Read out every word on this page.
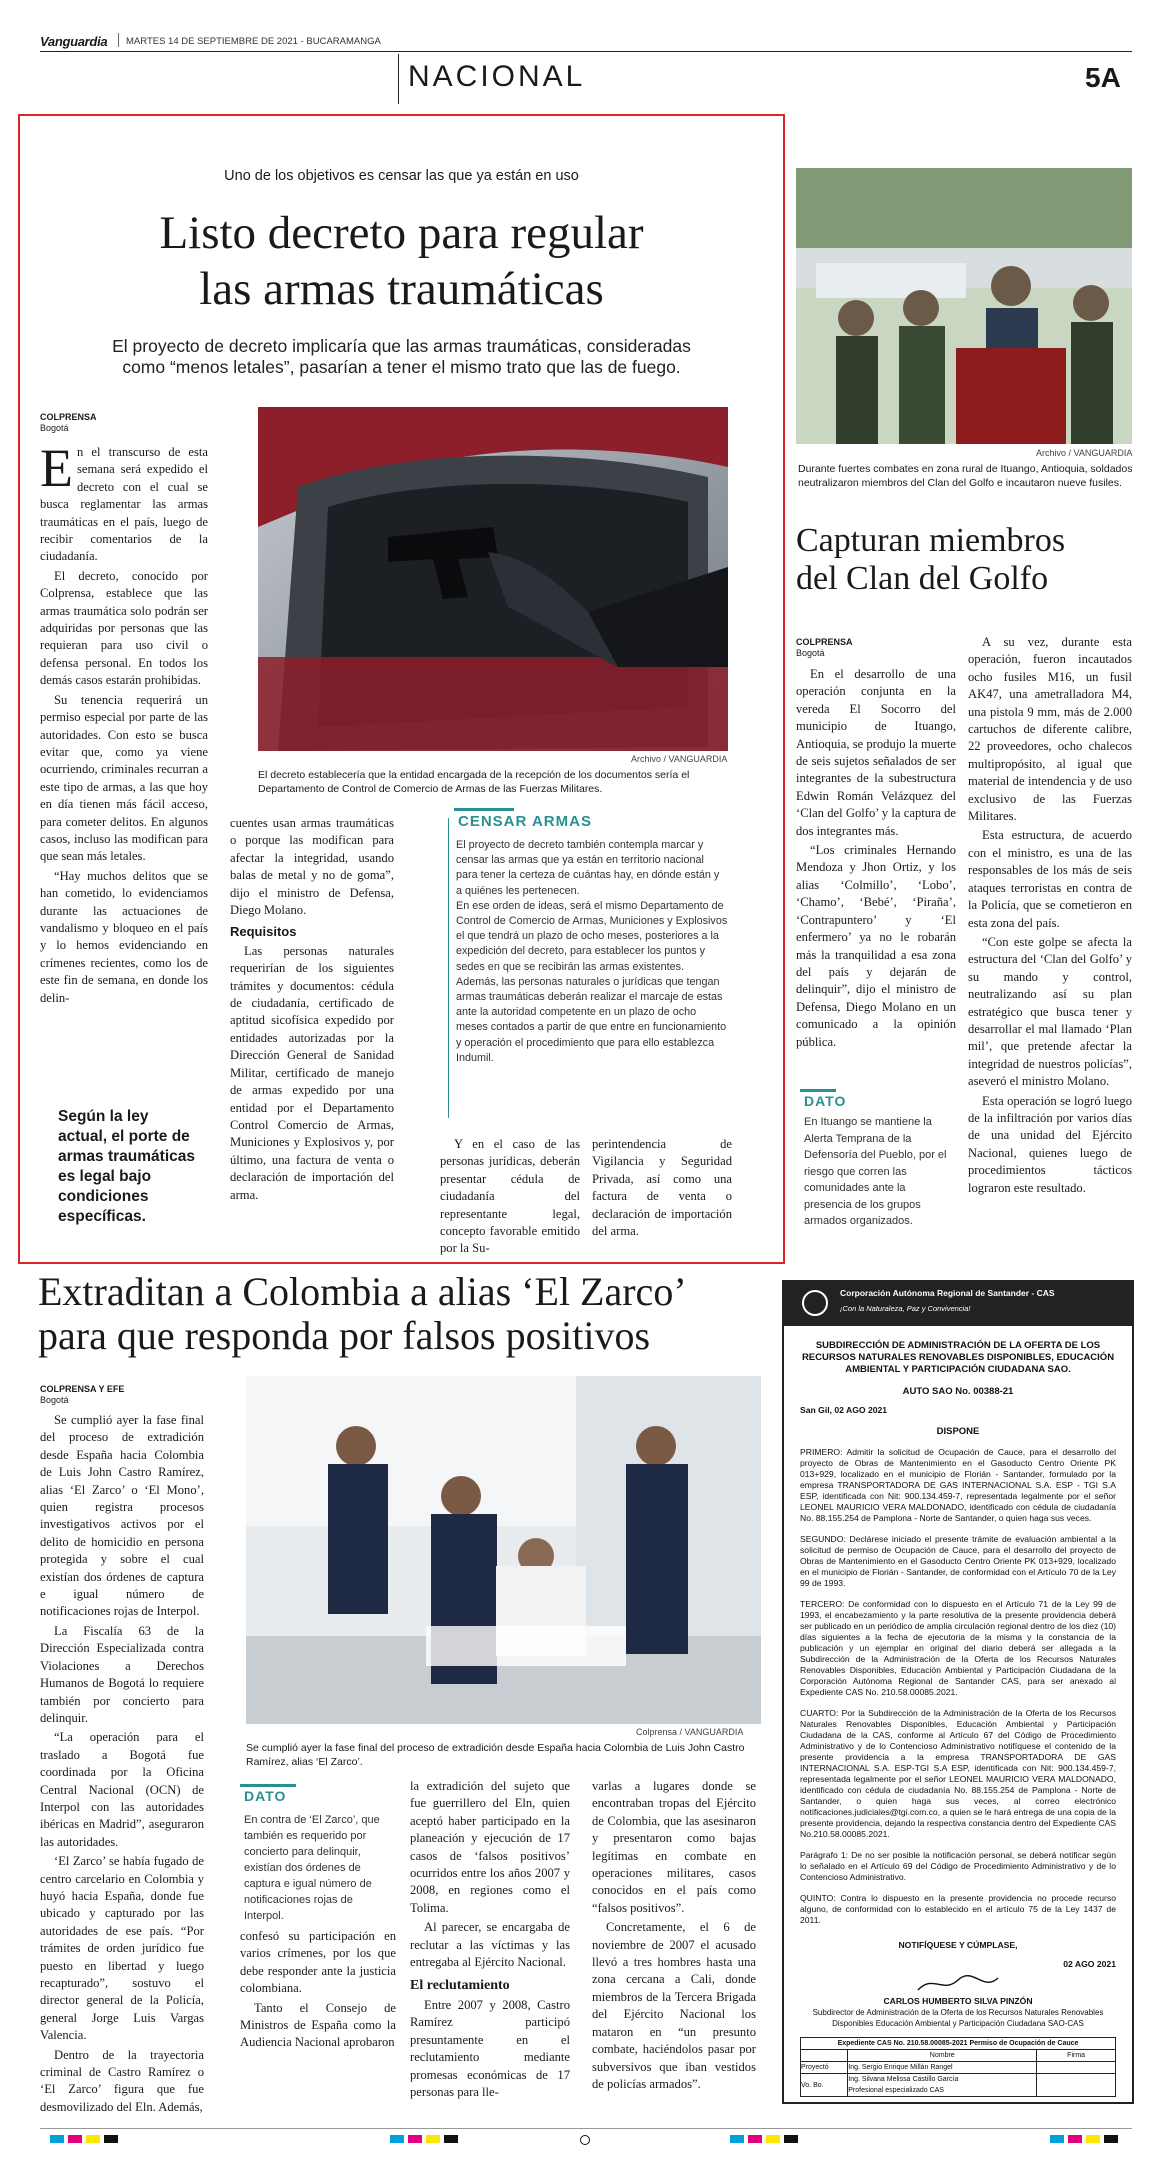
Vanguardia MARTES 14 DE SEPTIEMBRE DE 2021 - BUCARAMANGA
NACIONAL	5A
Uno de los objetivos es censar las que ya están en uso
Listo decreto para regular
las armas traumáticas
El proyecto de decreto implicaría que las armas traumáticas, consideradas
como “menos letales”, pasarían a tener el mismo trato que las de fuego.
COLPRENSA
Bogotá

En el transcurso de esta semana será expedido el decreto con el cual se busca reglamentar las armas traumáticas en el país, luego de recibir comentarios de la ciudadanía.

El decreto, conocido por Colprensa, establece que las armas traumática solo podrán ser adquiridas por personas que las requieran para uso civil o defensa personal. En todos los demás casos estarán prohibidas.

Su tenencia requerirá un permiso especial por parte de las autoridades. Con esto se busca evitar que, como ya viene ocurriendo, criminales recurran a este tipo de armas, a las que hoy en día tienen más fácil acceso, para cometer delitos. En algunos casos, incluso las modifican para que sean más letales.

“Hay muchos delitos que se han cometido, lo evidenciamos durante las actuaciones de vandalismo y bloqueo en el país y lo hemos evidenciando en crímenes recientes, como los de este fin de semana, en donde los delin-

Según la ley actual, el porte de armas traumáticas es legal bajo condiciones específicas.
Archivo / VANGUARDIA
El decreto establecería que la entidad encargada de la recepción de los documentos sería el Departamento de Control de Comercio de Armas de las Fuerzas Militares.

cuentes usan armas traumáticas o porque las modifican para afectar la integridad, usando balas de metal y no de goma”, dijo el ministro de Defensa, Diego Molano.

Requisitos

Las personas naturales requerirían de los siguientes trámites y documentos: cédula de ciudadanía, certificado de aptitud sicofísica expedido por entidades autorizadas por la Dirección General de Sanidad Militar, certificado de manejo de armas expedido por una entidad por el Departamento Control Comercio de Armas, Municiones y Explosivos y, por último, una factura de venta o declaración de importación del arma.

CENSAR ARMAS

El proyecto de decreto también contempla marcar y censar las armas que ya están en territorio nacional para tener la certeza de cuántas hay, en dónde están y a quiénes les pertenecen.

En ese orden de ideas, será el mismo Departamento de Control de Comercio de Armas, Municiones y Explosivos el que tendrá un plazo de ocho meses, posteriores a la expedición del decreto, para establecer los puntos y sedes en que se recibirán las armas existentes.

Además, las personas naturales o jurídicas que tengan armas traumáticas deberán realizar el marcaje de estas ante la autoridad competente en un plazo de ocho meses contados a partir de que entre en funcionamiento y operación el procedimiento que para ello establezca Indumil.

Y en el caso de las personas jurídicas, deberán presentar cédula de ciudadanía del representante legal, concepto favorable emitido por la Su-

perintendencia de Vigilancia y Seguridad Privada, así como una factura de venta o declaración de importación del arma.

Archivo / VANGUARDIA
Durante fuertes combates en zona rural de Ituango, Antioquia, soldados neutralizaron miembros del Clan del Golfo e incautaron nueve fusiles.
Capturan miembros
del Clan del Golfo
COLPRENSA
Bogotá

En el desarrollo de una operación conjunta en la vereda El Socorro del municipio de Ituango, Antioquia, se produjo la muerte de seis sujetos señalados de ser integrantes de la subestructura Edwin Román Velázquez del ‘Clan del Golfo’ y la captura de dos integrantes más.

“Los criminales Hernando Mendoza y Jhon Ortiz, y los alias ‘Colmillo’, ‘Lobo’, ‘Chamo’, ‘Bebé’, ‘Piraña’, ‘Contrapuntero’ y ‘El enfermero’ ya no le robarán más la tranquilidad a esa zona del país y dejarán de delinquir”, dijo el ministro de Defensa, Diego Molano en un comunicado a la opinión pública.

DATO
En Ituango se mantiene la Alerta Temprana de la Defensoría del Pueblo, por el riesgo que corren las comunidades ante la presencia de los grupos armados organizados.

A su vez, durante esta operación, fueron incautados ocho fusiles M16, un fusil AK47, una ametralladora M4, una pistola 9 mm, más de 2.000 cartuchos de diferente calibre, 22 proveedores, ocho chalecos multipropósito, al igual que material de intendencia y de uso exclusivo de las Fuerzas Militares.

Esta estructura, de acuerdo con el ministro, es una de las responsables de los más de seis ataques terroristas en contra de la Policía, que se cometieron en esta zona del país.

“Con este golpe se afecta la estructura del ‘Clan del Golfo’ y su mando y control, neutralizando así su plan estratégico que busca tener y desarrollar el mal llamado ‘Plan mil’, que pretende afectar la integridad de nuestros policías”, aseveró el ministro Molano.

Esta operación se logró luego de la infiltración por varios días de una unidad del Ejército Nacional, quienes luego de procedimientos tácticos lograron este resultado.

Extraditan a Colombia a alias ‘El Zarco’
para que responda por falsos positivos
COLPRENSA Y EFE
Bogotá

Se cumplió ayer la fase final del proceso de extradición desde España hacia Colombia de Luis John Castro Ramírez, alias ‘El Zarco’ o ‘El Mono’, quien registra procesos investigativos activos por el delito de homicidio en persona protegida y sobre el cual existían dos órdenes de captura e igual número de notificaciones rojas de Interpol.

La Fiscalía 63 de la Dirección Especializada contra Violaciones a Derechos Humanos de Bogotá lo requiere también por concierto para delinquir.

“La operación para el traslado a Bogotá fue coordinada por la Oficina Central Nacional (OCN) de Interpol con las autoridades ibéricas en Madrid”, aseguraron las autoridades.

‘El Zarco’ se había fugado de centro carcelario en Colombia y huyó hacia España, donde fue ubicado y capturado por las autoridades de ese país. “Por trámites de orden jurídico fue puesto en libertad y luego recapturado”, sostuvo el director general de la Policía, general Jorge Luis Vargas Valencia.

Dentro de la trayectoria criminal de Castro Ramírez o ‘El Zarco’ figura que fue desmovilizado del Eln. Además,

Colprensa / VANGUARDIA
Se cumplió ayer la fase final del proceso de extradición desde España hacia Colombia de Luis John Castro Ramírez, alias ‘El Zarco’.
DATO
En contra de ‘El Zarco’, que también es requerido por concierto para delinquir, existían dos órdenes de captura e igual número de notificaciones rojas de Interpol.

confesó su participación en varios crímenes, por los que debe responder ante la justicia colombiana.

Tanto el Consejo de Ministros de España como la Audiencia Nacional aprobaron

la extradición del sujeto que fue guerrillero del Eln, quien aceptó haber participado en la planeación y ejecución de 17 casos de ‘falsos positivos’ ocurridos entre los años 2007 y 2008, en regiones como el Tolima.

Al parecer, se encargaba de reclutar a las víctimas y las entregaba al Ejército Nacional.

El reclutamiento

Entre 2007 y 2008, Castro Ramírez participó presuntamente en el reclutamiento mediante promesas económicas de 17 personas para lle-

varlas a lugares donde se encontraban tropas del Ejército de Colombia, que las asesinaron y presentaron como bajas legítimas en combate en operaciones militares, casos conocidos en el país como “falsos positivos”.

Concretamente, el 6 de noviembre de 2007 el acusado llevó a tres hombres hasta una zona cercana a Cali, donde miembros de la Tercera Brigada del Ejército Nacional los mataron en “un presunto combate, haciéndolos pasar por subversivos que iban vestidos de policías armados”.

Corporación Autónoma Regional de Santander - CAS
¡Con la Naturaleza, Paz y Convivencia!
SUBDIRECCIÓN DE ADMINISTRACIÓN DE LA OFERTA DE LOS RECURSOS NATURALES RENOVABLES DISPONIBLES, EDUCACIÓN AMBIENTAL Y PARTICIPACIÓN CIUDADANA SAO.
AUTO SAO No. 00388-21
San Gil, 02 AGO 2021
DISPONE

PRIMERO: Admitir la solicitud de Ocupación de Cauce, para el desarrollo del proyecto de Obras de Mantenimiento en el Gasoducto Centro Oriente PK 013+929, localizado en el municipio de Florián - Santander, formulado por la empresa TRANSPORTADORA DE GAS INTERNACIONAL S.A. ESP - TGI S.A ESP, identificada con Nit: 900.134.459-7, representada legalmente por el señor LEONEL MAURICIO VERA MALDONADO, identificado con cédula de ciudadanía No. 88.155.254 de Pamplona - Norte de Santander, o quien haga sus veces.

SEGUNDO: Declárese iniciado el presente trámite de evaluación ambiental a la solicitud de permiso de Ocupación de Cauce, para el desarrollo del proyecto de Obras de Mantenimiento en el Gasoducto Centro Oriente PK 013+929, localizado en el municipio de Florián - Santander, de conformidad con el Artículo 70 de la Ley 99 de 1993.

TERCERO: De conformidad con lo dispuesto en el Artículo 71 de la Ley 99 de 1993, el encabezamiento y la parte resolutiva de la presente providencia deberá ser publicado en un periódico de amplia circulación regional dentro de los diez (10) días siguientes a la fecha de ejecutoria de la misma y la constancia de la publicación y un ejemplar en original del diario deberá ser allegada a la Subdirección de la Administración de la Oferta de los Recursos Naturales Renovables Disponibles, Educación Ambiental y Participación Ciudadana de la Corporación Autónoma Regional de Santander CAS, para ser anexado al Expediente CAS No. 210.58.00085.2021.

CUARTO: Por la Subdirección de la Administración de la Oferta de los Recursos Naturales Renovables Disponibles, Educación Ambiental y Participación Ciudadana de la CAS, conforme al Artículo 67 del Código de Procedimiento Administrativo y de lo Contencioso Administrativo notifíquese el contenido de la presente providencia a la empresa TRANSPORTADORA DE GAS INTERNACIONAL S.A. ESP-TGI S.A ESP, identificada con Nit: 900.134.459-7, representada legalmente por el señor LEONEL MAURICIO VERA MALDONADO, identificado con cédula de ciudadanía No. 88.155.254 de Pamplona - Norte de Santander, o quien haga sus veces, al correo electrónico notificaciones.judiciales@tgi.com.co, a quien se le hará entrega de una copia de la presente providencia, dejando la respectiva constancia dentro del Expediente CAS No.210.58.00085.2021.

Parágrafo 1: De no ser posible la notificación personal, se deberá notificar según lo señalado en el Artículo 69 del Código de Procedimiento Administrativo y de lo Contencioso Administrativo.

QUINTO: Contra lo dispuesto en la presente providencia no procede recurso alguno, de conformidad con lo establecido en el artículo 75 de la Ley 1437 de 2011.

NOTIFÍQUESE Y CÚMPLASE,
02 AGO 2021
CARLOS HUMBERTO SILVA PINZÓN
Subdirector de Administración de la Oferta de los Recursos Naturales Renovables Disponibles Educación Ambiental y Participación Ciudadana SAO-CAS
Expediente CAS No. 210.58.00085-2021 Permiso de Ocupación de Cauce		
	Nombre	Firma
Proyectó	Ing. Sergio Enrique Millán Rangel	
Vo. Bo.	Ing. Silvana Melissa Castillo García
Profesional especializado CAS	
